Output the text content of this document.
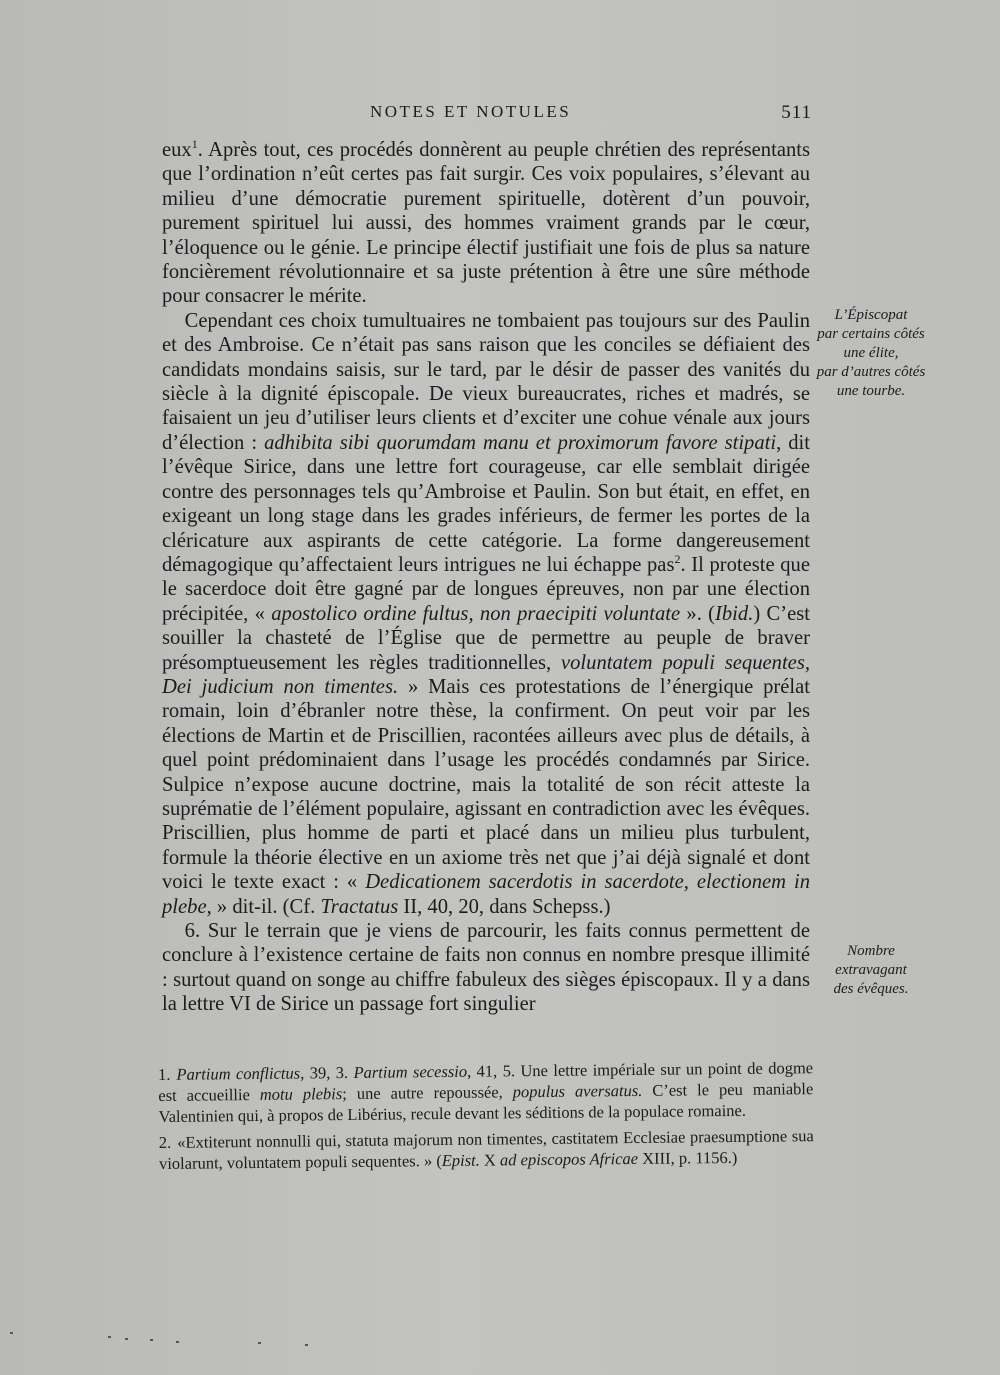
NOTES ET NOTULES	511

eux$^1$. Après tout, ces procédés donnèrent au peuple chrétien des représentants que l’ordination n’eût certes pas fait surgir. Ces voix populaires, s’élevant au milieu d’une démocratie purement spirituelle, dotèrent d’un pouvoir, purement spirituel lui aussi, des hommes vraiment grands par le cœur, l’éloquence ou le génie. Le principe électif justifiait une fois de plus sa nature foncièrement révolutionnaire et sa juste prétention à être une sûre méthode pour consacrer le mérite.

Cependant ces choix tumultuaires ne tombaient pas toujours sur des Paulin et des Ambroise. Ce n’était pas sans raison que les conciles se défiaient des candidats mondains saisis, sur le tard, par le désir de passer des vanités du siècle à la dignité épiscopale. De vieux bureaucrates, riches et madrés, se faisaient un jeu d’utiliser leurs clients et d’exciter une cohue vénale aux jours d’élection : adhibita sibi quorumdam manu et proximorum favore stipati, dit l’évêque Sirice, dans une lettre fort courageuse, car elle semblait dirigée contre des personnages tels qu’Ambroise et Paulin. Son but était, en effet, en exigeant un long stage dans les grades inférieurs, de fermer les portes de la cléricature aux aspirants de cette catégorie. La forme dangereusement démagogique qu’affectaient leurs intrigues ne lui échappe pas$^2$. Il proteste que le sacerdoce doit être gagné par de longues épreuves, non par une élection précipitée, « apostolico ordine fultus, non praecipiti voluntate ». (Ibid.) C’est souiller la chasteté de l’Église que de permettre au peuple de braver présomptueusement les règles traditionnelles, voluntatem populi sequentes, Dei judicium non timentes. » Mais ces protestations de l’énergique prélat romain, loin d’ébranler notre thèse, la confirment. On peut voir par les élections de Martin et de Priscillien, racontées ailleurs avec plus de détails, à quel point prédominaient dans l’usage les procédés condamnés par Sirice. Sulpice n’expose aucune doctrine, mais la totalité de son récit atteste la suprématie de l’élément populaire, agissant en contradiction avec les évêques. Priscillien, plus homme de parti et placé dans un milieu plus turbulent, formule la théorie élective en un axiome très net que j’ai déjà signalé et dont voici le texte exact : « Dedicationem sacerdotis in sacerdote, electionem in plebe, » dit-il. (Cf. Tractatus II, 40, 20, dans Schepss.)

6. Sur le terrain que je viens de parcourir, les faits connus permettent de conclure à l’existence certaine de faits non connus en nombre presque illimité : surtout quand on songe au chiffre fabuleux des sièges épiscopaux. Il y a dans la lettre VI de Sirice un passage fort singulier

L’Épiscopat
par certains côtés
une élite,
par d’autres côtés
une tourbe.
Nombre
extravagant
des évêques.

1. Partium conflictus, 39, 3. Partium secessio, 41, 5. Une lettre impériale sur un point de dogme est accueillie motu plebis; une autre repoussée, populus aversatus. C’est le peu maniable Valentinien qui, à propos de Libérius, recule devant les séditions de la populace romaine.

2. «Extiterunt nonnulli qui, statuta majorum non timentes, castitatem Ecclesiae praesumptione sua violarunt, voluntatem populi sequentes. » (Epist. X ad episcopos Africae XIII, p. 1156.)
